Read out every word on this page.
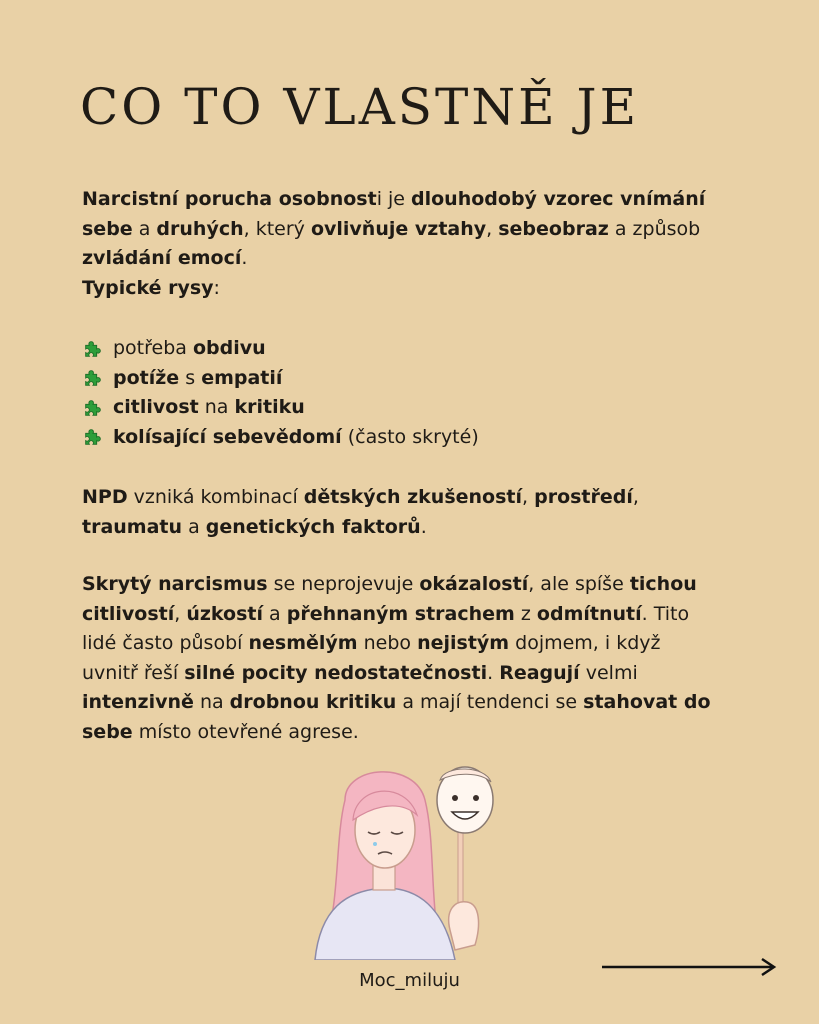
CO TO VLASTNĚ JE
Narcistní porucha osobnosti je dlouhodobý vzorec vnímání sebe a druhých, který ovlivňuje vztahy, sebeobraz a způsob zvládání emocí.
Typické rysy:
potřeba obdivu
potíže s empatií
citlivost na kritiku
kolísající sebevědomí (často skryté)
NPD vzniká kombinací dětských zkušeností, prostředí, traumatu a genetických faktorů.
Skrytý narcismus se neprojevuje okázalostí, ale spíše tichou citlivostí, úzkostí a přehnaným strachem z odmítnutí. Tito lidé často působí nesmělým nebo nejistým dojmem, i když uvnitř řeší silné pocity nedostatečnosti. Reagují velmi intenzivně na drobnou kritiku a mají tendenci se stahovat do sebe místo otevřené agrese.
Moc_miluju
